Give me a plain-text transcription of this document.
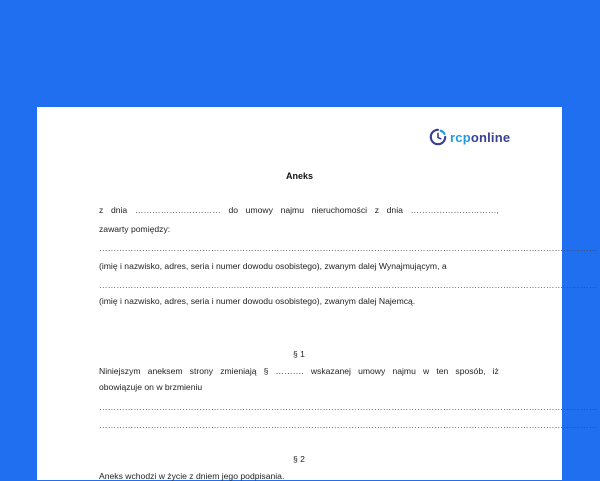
rcponline
Aneks
z dnia ………………………… do umowy najmu nieruchomości z dnia …………………………,
zawarty pomiędzy:
…………………………………………………………………………………………………………………………………………………………
(imię i nazwisko, adres, seria i numer dowodu osobistego), zwanym dalej Wynajmującym, a
…………………………………………………………………………………………………………………………………………………………
(imię i nazwisko, adres, seria i numer dowodu osobistego), zwanym dalej Najemcą.
§ 1
Niniejszym aneksem strony zmieniają § ………. wskazanej umowy najmu w ten sposób, iż
obowiązuje on w brzmieniu
…………………………………………………………………………………………………………………………………………………………
…………………………………………………………………………………………………………………………………………………………
§ 2
Aneks wchodzi w życie z dniem jego podpisania.
